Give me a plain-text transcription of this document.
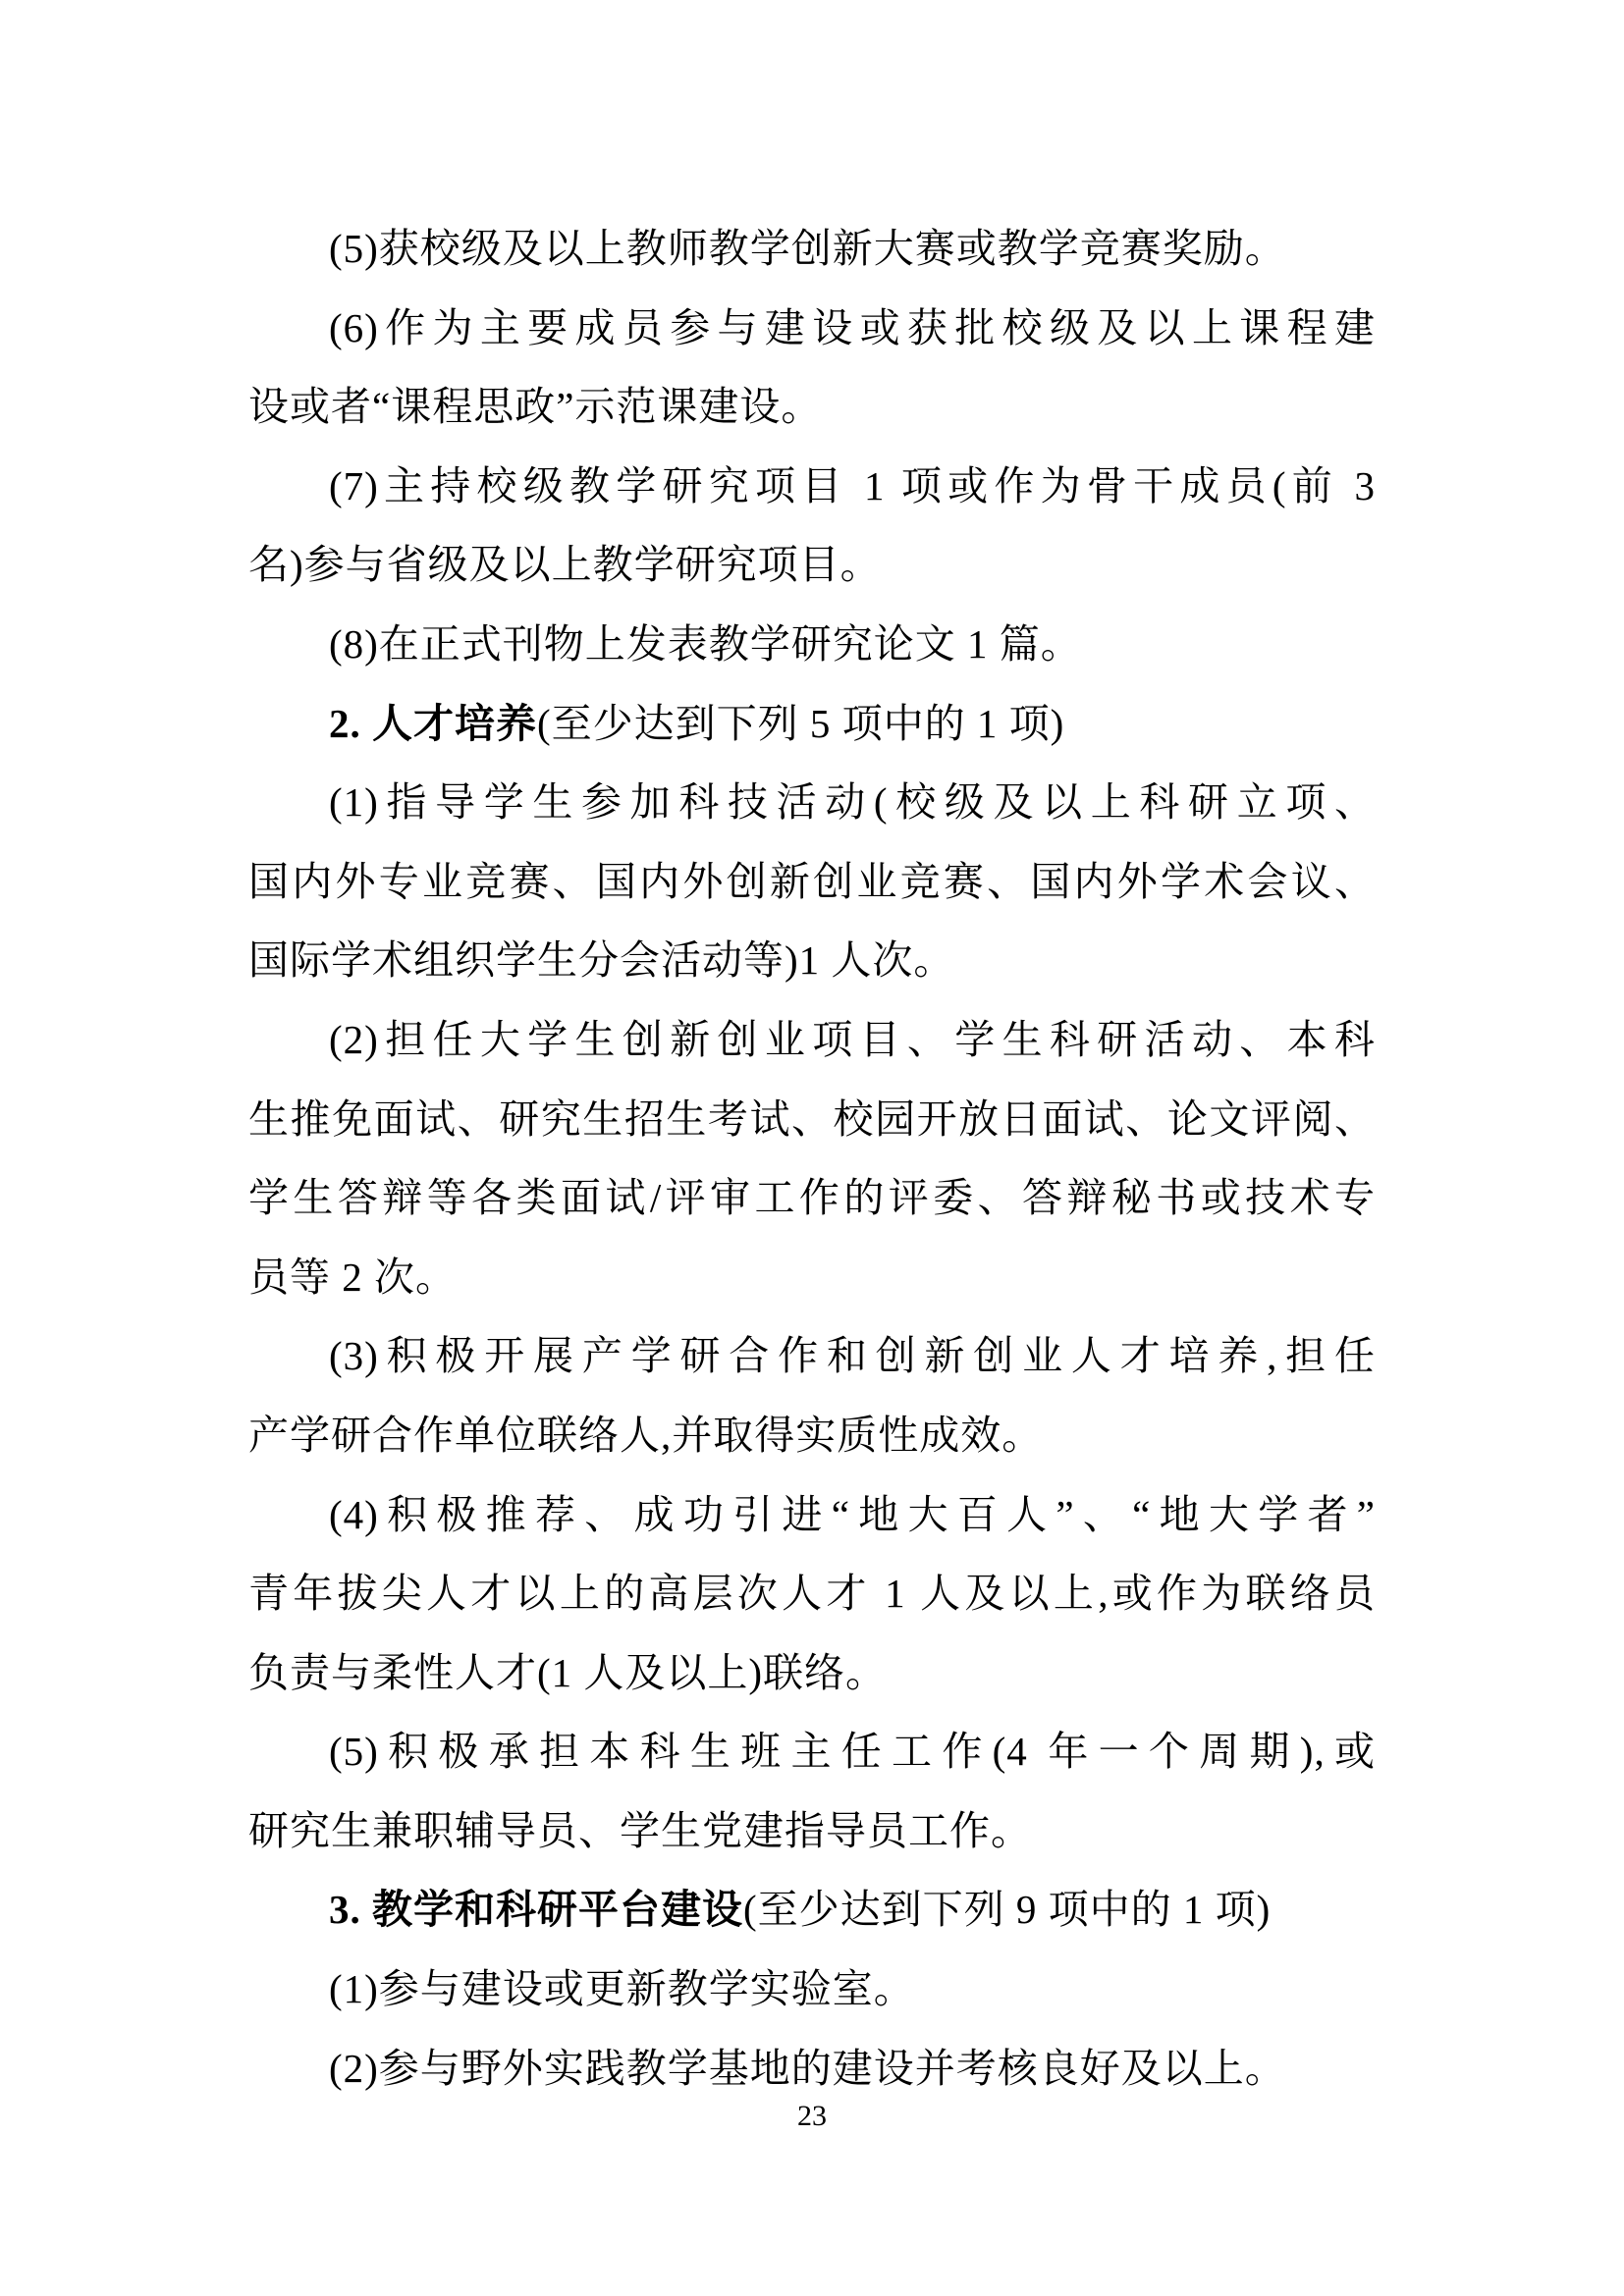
(5)获校级及以上教师教学创新大赛或教学竞赛奖励。
(6)作为主要成员参与建设或获批校级及以上课程建
设或者“课程思政”示范课建设。
(7)主持校级教学研究项目 1 项或作为骨干成员(前 3
名)参与省级及以上教学研究项目。
(8)在正式刊物上发表教学研究论文 1 篇。
2. 人才培养(至少达到下列 5 项中的 1 项)
(1)指导学生参加科技活动(校级及以上科研立项、
国内外专业竞赛、国内外创新创业竞赛、国内外学术会议、
国际学术组织学生分会活动等)1 人次。
(2)担任大学生创新创业项目、学生科研活动、本科
生推免面试、研究生招生考试、校园开放日面试、论文评阅、
学生答辩等各类面试/评审工作的评委、答辩秘书或技术专
员等 2 次。
(3)积极开展产学研合作和创新创业人才培养,担任
产学研合作单位联络人,并取得实质性成效。
(4)积极推荐、成功引进“地大百人”、“地大学者”
青年拔尖人才以上的高层次人才 1 人及以上,或作为联络员
负责与柔性人才(1 人及以上)联络。
(5)积极承担本科生班主任工作(4 年一个周期),或
研究生兼职辅导员、学生党建指导员工作。
3. 教学和科研平台建设(至少达到下列 9 项中的 1 项)
(1)参与建设或更新教学实验室。
(2)参与野外实践教学基地的建设并考核良好及以上。
23
